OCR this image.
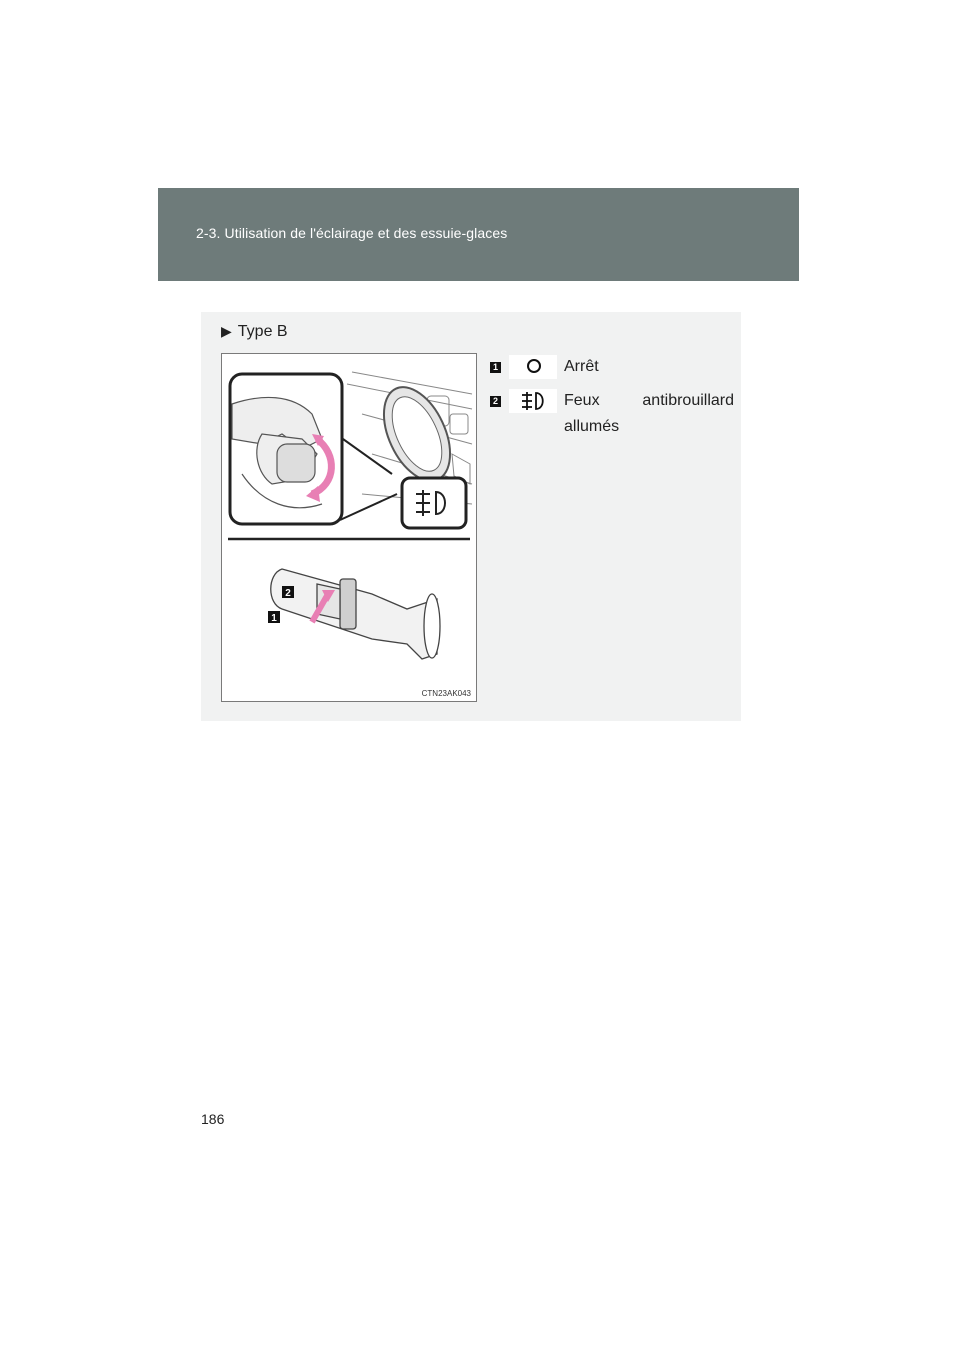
2-3. Utilisation de l'éclairage et des essuie-glaces
▶ Type B
2
1
CTN23AK043
1	Arrêt
2	Feux antibrouillard
allumés
186
